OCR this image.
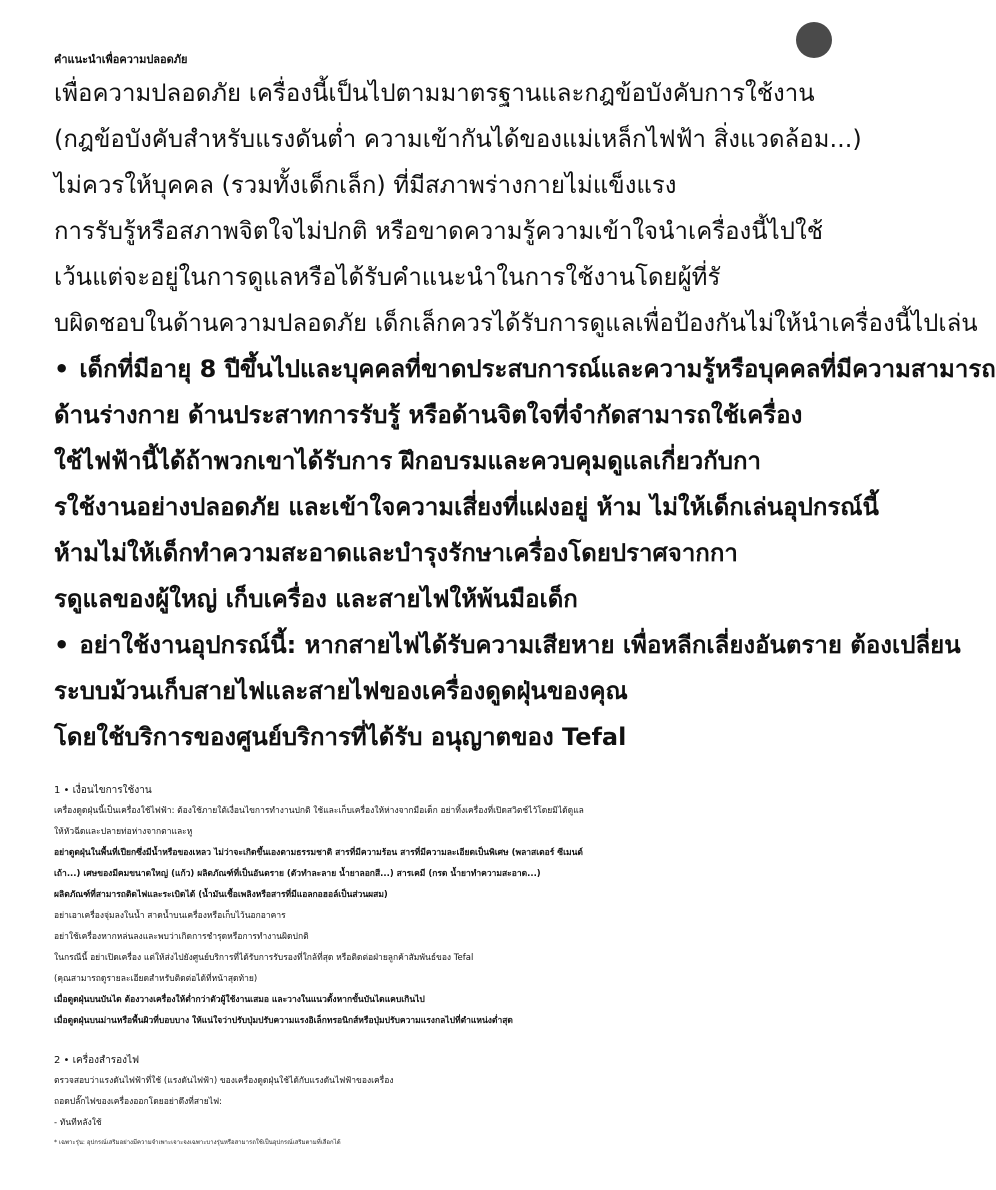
คำแนะนำเพื่อความปลอดภัย
เพื่อความปลอดภัย เครื่องนี้เป็นไปตามมาตรฐานและกฎข้อบังคับการใช้งาน
(กฎข้อบังคับสำหรับแรงดันต่ำ ความเข้ากันได้ของแม่เหล็กไฟฟ้า สิ่งแวดล้อม...)
ไม่ควรให้บุคคล (รวมทั้งเด็กเล็ก) ที่มีสภาพร่างกายไม่แข็งแรง
การรับรู้หรือสภาพจิตใจไม่ปกติ หรือขาดความรู้ความเข้าใจนำเครื่องนี้ไปใช้
เว้นแต่จะอยู่ในการดูแลหรือได้รับคำแนะนำในการใช้งานโดยผู้ที่รั
บผิดชอบในด้านความปลอดภัย เด็กเล็กควรได้รับการดูแลเพื่อป้องกันไม่ให้นำเครื่องนี้ไปเล่น
• เด็กที่มีอายุ 8 ปีขึ้นไปและบุคคลที่ขาดประสบการณ์และความรู้หรือบุคคลที่มีความสามารถ
ด้านร่างกาย ด้านประสาทการรับรู้ หรือด้านจิตใจที่จำกัดสามารถใช้เครื่อง
ใช้ไฟฟ้านี้ได้ถ้าพวกเขาได้รับการ ฝึกอบรมและควบคุมดูแลเกี่ยวกับกา
รใช้งานอย่างปลอดภัย และเข้าใจความเสี่ยงที่แฝงอยู่ ห้าม ไม่ให้เด็กเล่นอุปกรณ์นี้
ห้ามไม่ให้เด็กทำความสะอาดและบำรุงรักษาเครื่องโดยปราศจากกา
รดูแลของผู้ใหญ่ เก็บเครื่อง และสายไฟให้พ้นมือเด็ก
• อย่าใช้งานอุปกรณ์นี้: หากสายไฟได้รับความเสียหาย เพื่อหลีกเลี่ยงอันตราย ต้องเปลี่ยน
ระบบม้วนเก็บสายไฟและสายไฟของเครื่องดูดฝุ่นของคุณ
โดยใช้บริการของศูนย์บริการที่ได้รับ อนุญาตของ Tefal
1 • เงื่อนไขการใช้งาน
เครื่องดูดฝุ่นนี้เป็นเครื่องใช้ไฟฟ้า: ต้องใช้ภายใต้เงื่อนไขการทำงานปกติ ใช้และเก็บเครื่องให้ห่างจากมือเด็ก อย่าทิ้งเครื่องที่เปิดสวิตช์ไว้โดยมิได้ดูแล
ให้หัวฉีดและปลายท่อห่างจากตาและหู
อย่าดูดฝุ่นในพื้นที่เปียกซึ่งมีน้ำหรือของเหลว ไม่ว่าจะเกิดขึ้นเองตามธรรมชาติ สารที่มีความร้อน สารที่มีความละเอียดเป็นพิเศษ (พลาสเตอร์ ซีเมนต์
เถ้า...) เศษของมีคมขนาดใหญ่ (แก้ว) ผลิตภัณฑ์ที่เป็นอันตราย (ตัวทำละลาย น้ำยาลอกสี...) สารเคมี (กรด น้ำยาทำความสะอาด...)
ผลิตภัณฑ์ที่สามารถติดไฟและระเบิดได้ (น้ำมันเชื้อเพลิงหรือสารที่มีแอลกอฮอล์เป็นส่วนผสม)
อย่าเอาเครื่องจุ่มลงในน้ำ สาดน้ำบนเครื่องหรือเก็บไว้นอกอาคาร
อย่าใช้เครื่องหากหล่นลงและพบว่าเกิดการชำรุดหรือการทำงานผิดปกติ
ในกรณีนี้ อย่าเปิดเครื่อง แต่ให้ส่งไปยังศูนย์บริการที่ได้รับการรับรองที่ใกล้ที่สุด หรือติดต่อฝ่ายลูกค้าสัมพันธ์ของ Tefal
(คุณสามารถดูรายละเอียดสำหรับติดต่อได้ที่หน้าสุดท้าย)
เมื่อดูดฝุ่นบนบันได ต้องวางเครื่องให้ต่ำกว่าตัวผู้ใช้งานเสมอ และวางในแนวตั้งหากขั้นบันไดแคบเกินไป
เมื่อดูดฝุ่นบนม่านหรือพื้นผิวที่บอบบาง ให้แน่ใจว่าปรับปุ่มปรับความแรงอิเล็กทรอนิกส์หรือปุ่มปรับความแรงกลไปที่ตำแหน่งต่ำสุด
2 • เครื่องสำรองไฟ
ตรวจสอบว่าแรงดันไฟฟ้าที่ใช้ (แรงดันไฟฟ้า) ของเครื่องดูดฝุ่นใช้ได้กับแรงดันไฟฟ้าของเครื่อง
ถอดปลั๊กไฟของเครื่องออกโดยอย่าดึงที่สายไฟ:
- ทันทีหลังใช้
* เฉพาะรุ่น: อุปกรณ์เสริมอย่างมีความจำเพาะเจาะจงเฉพาะบางรุ่นหรือสามารถใช้เป็นอุปกรณ์เสริมตามที่เลือกได้
